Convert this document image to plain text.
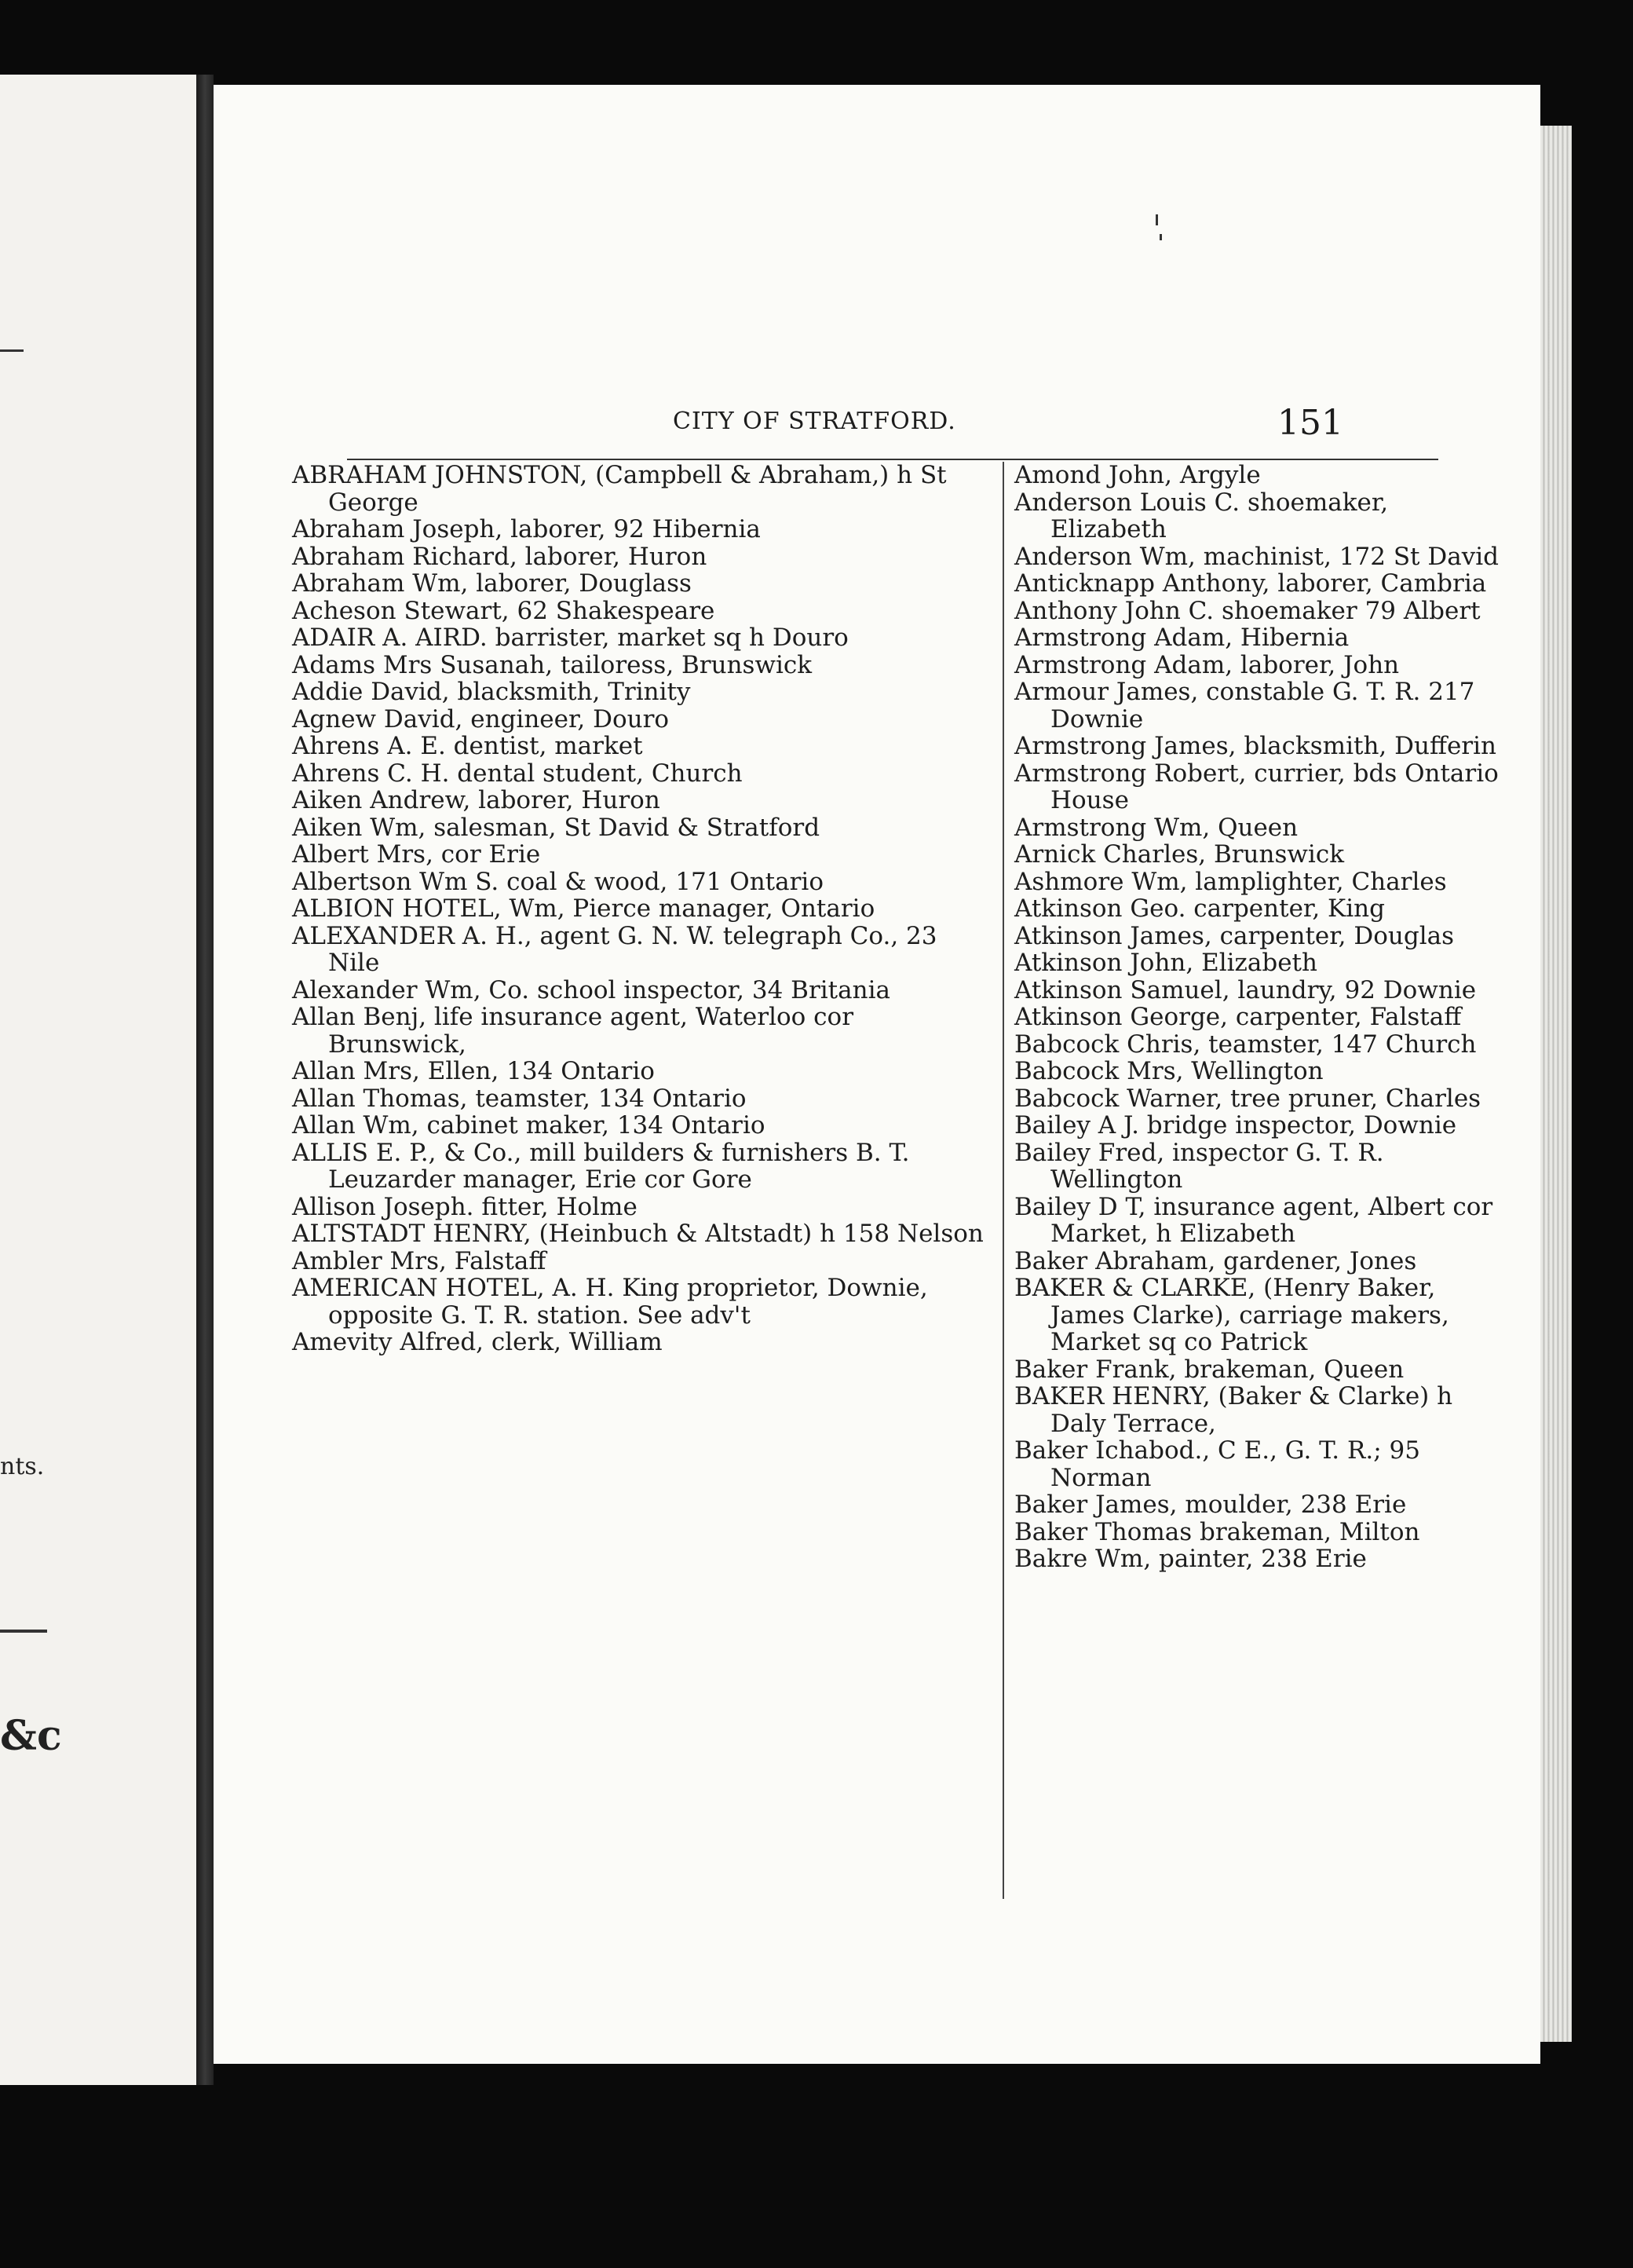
nts.
&c
CITY OF STRATFORD.	151
ABRAHAM JOHNSTON, (Campbell & Abraham,) h St George
Abraham Joseph, laborer, 92 Hibernia
Abraham Richard, laborer, Huron
Abraham Wm, laborer, Douglass
Acheson Stewart, 62 Shakespeare
ADAIR A. AIRD. barrister, market sq h Douro
Adams Mrs Susanah, tailoress, Brunswick
Addie David, blacksmith, Trinity
Agnew David, engineer, Douro
Ahrens A. E. dentist, market
Ahrens C. H. dental student, Church
Aiken Andrew, laborer, Huron
Aiken Wm, salesman, St David & Stratford
Albert Mrs, cor Erie
Albertson Wm S. coal & wood, 171 Ontario
ALBION HOTEL, Wm, Pierce manager, Ontario
ALEXANDER A. H., agent G. N. W. telegraph Co., 23 Nile
Alexander Wm, Co. school inspector, 34 Britania
Allan Benj, life insurance agent, Waterloo cor Brunswick,
Allan Mrs, Ellen, 134 Ontario
Allan Thomas, teamster, 134 Ontario
Allan Wm, cabinet maker, 134 Ontario
ALLIS E. P., & Co., mill builders & furnishers B. T. Leuzarder manager, Erie cor Gore
Allison Joseph. fitter, Holme
ALTSTADT HENRY, (Heinbuch & Altstadt) h 158 Nelson
Ambler Mrs, Falstaff
AMERICAN HOTEL, A. H. King proprietor, Downie, opposite G. T. R. station. See adv't
Amevity Alfred, clerk, William
Amond John, Argyle
Anderson Louis C. shoemaker, Elizabeth
Anderson Wm, machinist, 172 St David
Anticknapp Anthony, laborer, Cambria
Anthony John C. shoemaker 79 Albert
Armstrong Adam, Hibernia
Armstrong Adam, laborer, John
Armour James, constable G. T. R. 217 Downie
Armstrong James, blacksmith, Dufferin
Armstrong Robert, currier, bds Ontario House
Armstrong Wm, Queen
Arnick Charles, Brunswick
Ashmore Wm, lamplighter, Charles
Atkinson Geo. carpenter, King
Atkinson James, carpenter, Douglas
Atkinson John, Elizabeth
Atkinson Samuel, laundry, 92 Downie
Atkinson George, carpenter, Falstaff
Babcock Chris, teamster, 147 Church
Babcock Mrs, Wellington
Babcock Warner, tree pruner, Charles
Bailey A J. bridge inspector, Downie
Bailey Fred, inspector G. T. R. Wellington
Bailey D T, insurance agent, Albert cor Market, h Elizabeth
Baker Abraham, gardener, Jones
BAKER & CLARKE, (Henry Baker, James Clarke), carriage makers, Market sq co Patrick
Baker Frank, brakeman, Queen
BAKER HENRY, (Baker & Clarke) h Daly Terrace,
Baker Ichabod., C E., G. T. R.; 95 Norman
Baker James, moulder, 238 Erie
Baker Thomas brakeman, Milton
Bakre Wm, painter, 238 Erie
